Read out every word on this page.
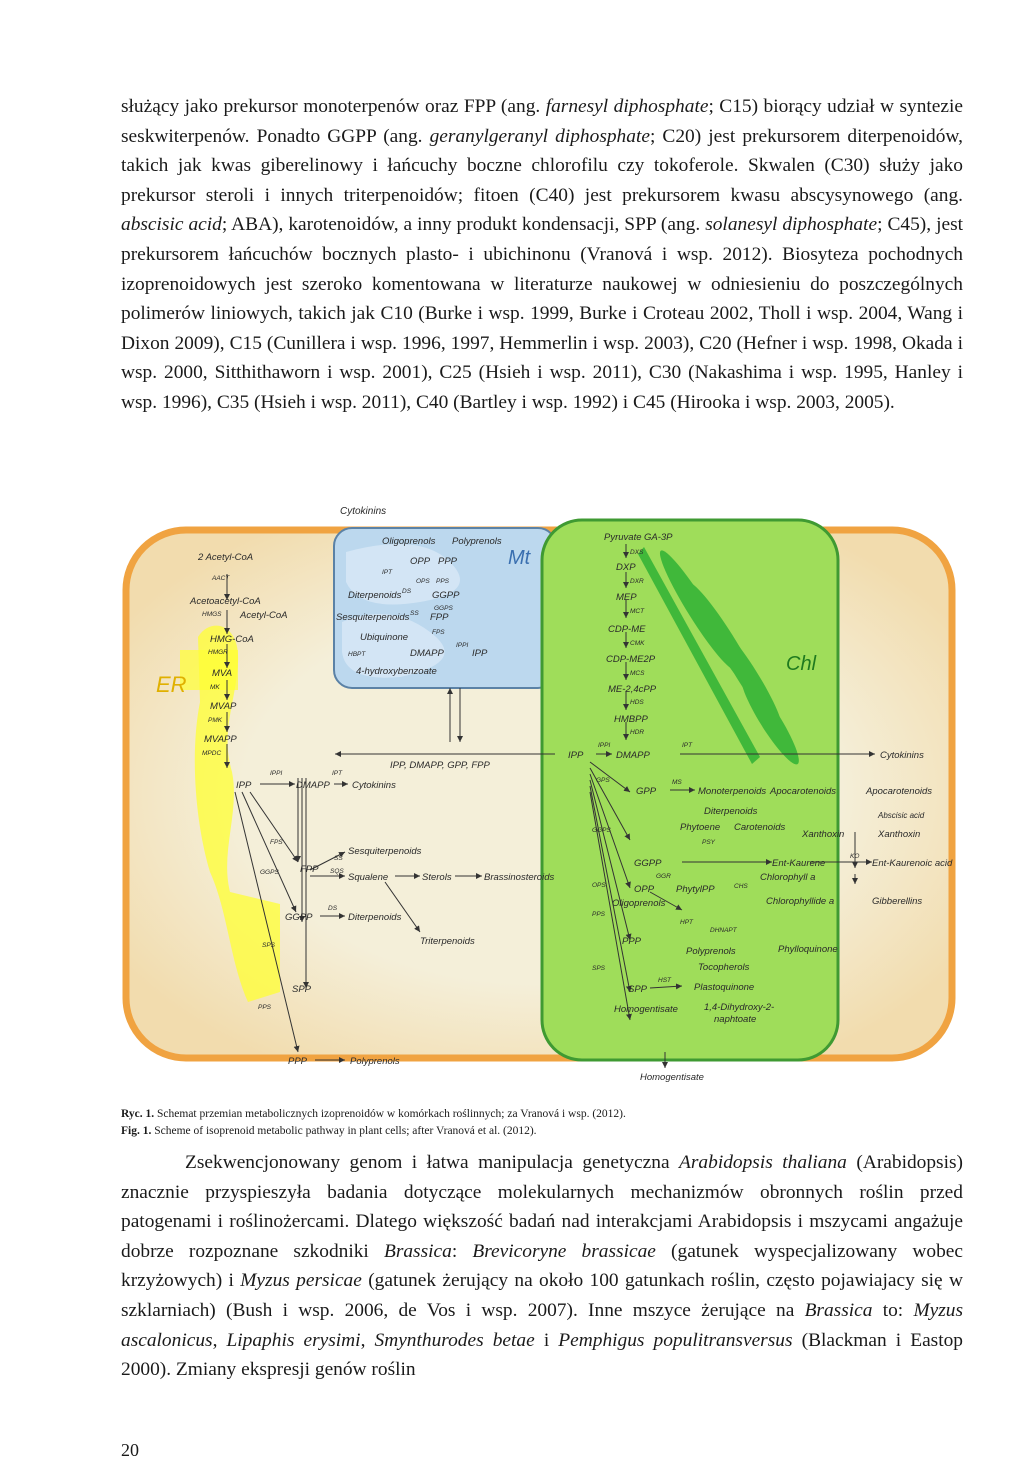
służący jako prekursor monoterpenów oraz FPP (ang. farnesyl diphosphate; C15) biorący udział w syntezie seskwiterpenów. Ponadto GGPP (ang. geranylgeranyl diphosphate; C20) jest prekursorem diterpenoidów, takich jak kwas giberelinowy i łańcuchy boczne chlorofilu czy tokoferole. Skwalen (C30) służy jako prekursor steroli i innych triterpenoidów; fitoen (C40) jest prekursorem kwasu abscysynowego (ang. abscisic acid; ABA), karotenoidów, a inny produkt kondensacji, SPP (ang. solanesyl diphosphate; C45), jest prekursorem łańcuchów bocznych plasto- i ubichinonu (Vranová i wsp. 2012). Biosyteza pochodnych izoprenoidowych jest szeroko komentowana w literaturze naukowej w odniesieniu do poszczególnych polimerów liniowych, takich jak C10 (Burke i wsp. 1999, Burke i Croteau 2002, Tholl i wsp. 2004, Wang i Dixon 2009), C15 (Cunillera i wsp. 1996, 1997, Hemmerlin i wsp. 2003), C20 (Hefner i wsp. 1998, Okada i wsp. 2000, Sitthithaworn i wsp. 2001), C25 (Hsieh i wsp. 2011), C30 (Nakashima i wsp. 1995, Hanley i wsp. 1996), C35 (Hsieh i wsp. 2011), C40 (Bartley i wsp. 1992) i C45 (Hirooka i wsp. 2003, 2005).

Cytokinins
2 Acetyl-CoA
AACT
Acetoacetyl-CoA
HMGS Acetyl-CoA
HMG-CoA
HMGR
MVA
MK
MVAP
PMK
MVAPP
MPDC
IPP
IPPI
DMAPP
IPT
Cytokinins
FPS
FPP
SS
Sesquiterpenoids
SQS
Squalene	Sterols	Brassinosteroids
GGPS
GGPP
DS
Diterpenoids
Triterpenoids
SPS
SPP
PPS
PPP	Polyprenols
ER
Oligoprenols Polyprenols
OPP PPP
IPT
OPS PPS
Diterpenoids DS GGPP
GGPS
Sesquiterpenoids SS FPP
FPS
Ubiquinone
HBPT	DMAPP
IPPI
IPP
4-hydroxybenzoate
Mt
IPP, DMAPP, GPP, FPP
Pyruvate GA-3P
DXS
DXP
DXR
MEP
MCT
CDP-ME
CMK
CDP-ME2P
MCS
ME-2,4cPP
HDS
HMBPP
HDR
IPP
IPPI
DMAPP
IPT
Cytokinins
GPS
GPP
MS
Monoterpenoids Apocarotenoids	Apocarotenoids
Diterpenoids
Phytoene Carotenoids
PSY
Abscisic acid
Xanthoxin	Xanthoxin
GGPS
GGPP	Ent-Kaurene
KO
Ent-Kaurenoic acid
GGR
PhytylPP	CHS
Chlorophyll a
Chlorophyllide a	Gibberellins
OPS	OPP
Oligoprenols
PPS
PPP
HPT
DHNAPT
Polyprenols
Tocopherols
Phylloquinone
SPS
SPP
HST
Plastoquinone
Homogentisate	1,4-Dihydroxy-2-
naphtoate
Homogentisate
Chl
Ryc. 1. Schemat przemian metabolicznych izoprenoidów w komórkach roślinnych; za Vranová i wsp. (2012).
Fig. 1. Scheme of isoprenoid metabolic pathway in plant cells; after Vranová et al. (2012).

Zsekwencjonowany genom i łatwa manipulacja genetyczna Arabidopsis thaliana (Arabidopsis) znacznie przyspieszyła badania dotyczące molekularnych mechanizmów obronnych roślin przed patogenami i roślinożercami. Dlatego większość badań nad interakcjami Arabidopsis i mszycami angażuje dobrze rozpoznane szkodniki Brassica: Brevicoryne brassicae (gatunek wyspecjalizowany wobec krzyżowych) i Myzus persicae (gatunek żerujący na około 100 gatunkach roślin, często pojawiajacy się w szklarniach) (Bush i wsp. 2006, de Vos i wsp. 2007). Inne mszyce żerujące na Brassica to: Myzus ascalonicus, Lipaphis erysimi, Smynthurodes betae i Pemphigus populitransversus (Blackman i Eastop 2000). Zmiany ekspresji genów roślin

20
